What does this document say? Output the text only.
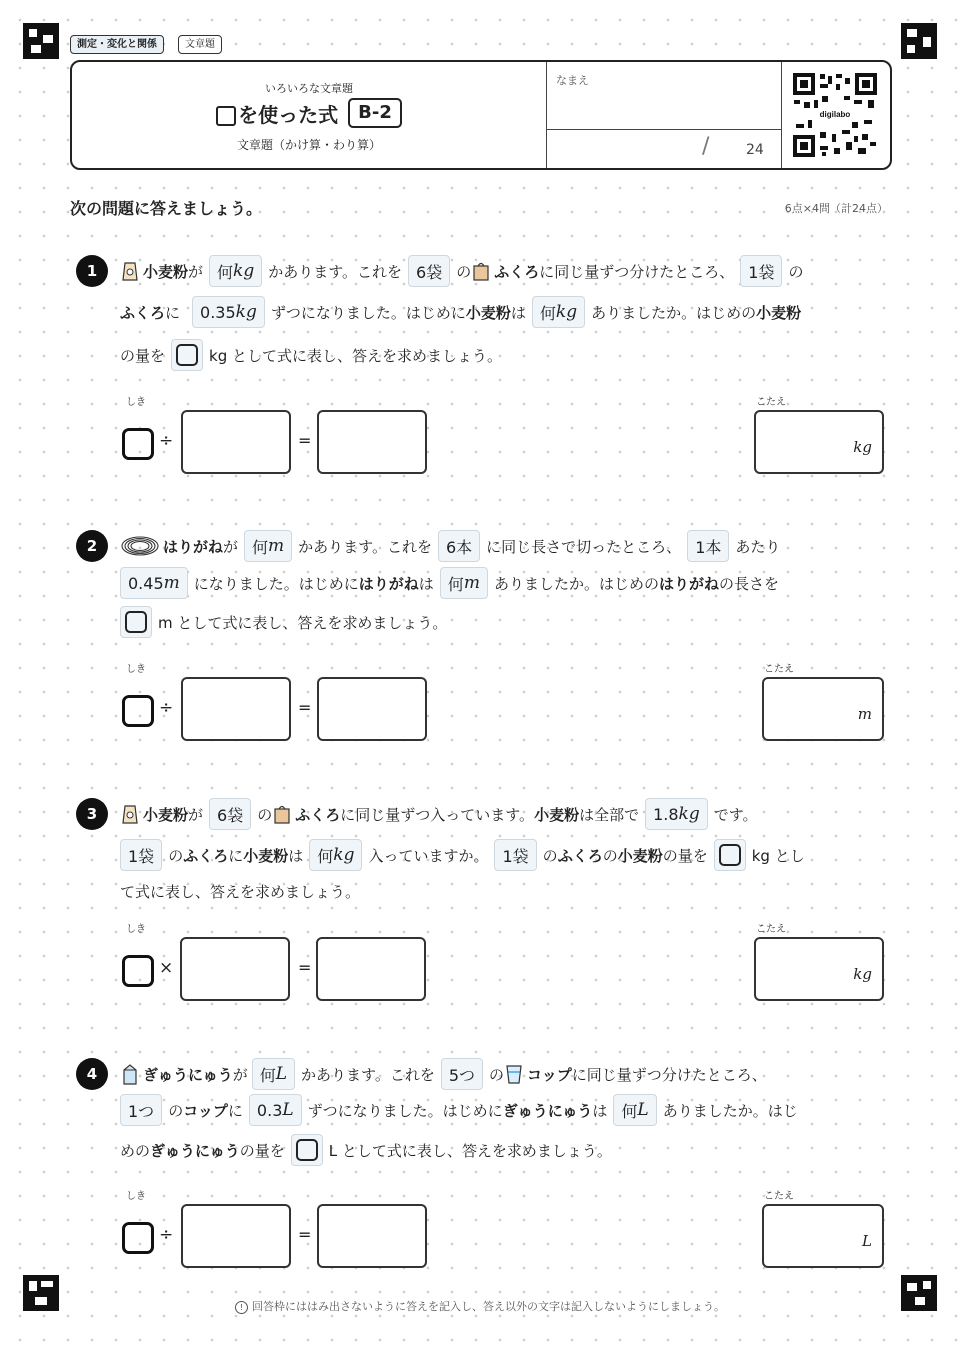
測定・変化と関係	文章題
いろいろな文章題
を使った式	B-2
文章題（かけ算・わり算）
なまえ
/	24
digilabo
次の問題に答えましょう。	6点×4問（計24点）
1	小麦粉 が 何 kg かあります。これを 6袋 の ふくろ に同じ量ずつ分けたところ、 1袋 の
ふくろ に 0.35 kg ずつになりました。はじめに 小麦粉 は 何 kg ありましたか。はじめの 小麦粉
の量を	kg として式に表し、答えを求めましょう。
しき	こたえ
÷	=	kg
2	はりがね が 何 m かあります。これを 6本 に同じ長さで切ったところ、 1本 あたり
0.45 m になりました。はじめに はりがね は 何 m ありましたか。はじめの はりがね の長さを
m として式に表し、答えを求めましょう。
しき	こたえ
÷	=	m
3	小麦粉 が 6袋 の ふくろ に同じ量ずつ入っています。 小麦粉 は全部で 1.8 kg です。
1袋 の ふくろ に 小麦粉 は 何 kg 入っていますか。 1袋 の ふくろ の 小麦粉 の量を	kg とし
て式に表し、答えを求めましょう。
しき	こたえ
×	=	kg
4	ぎゅうにゅう が 何 L かあります。これを 5つ の コップ に同じ量ずつ分けたところ、
1つ の コップ に 0.3 L ずつになりました。はじめに ぎゅうにゅう は 何 L ありましたか。はじ
めの ぎゅうにゅう の量を	L として式に表し、答えを求めましょう。
しき	こたえ
÷	=	L
! 回答枠にははみ出さないように答えを記入し、答え以外の文字は記入しないようにしましょう。
